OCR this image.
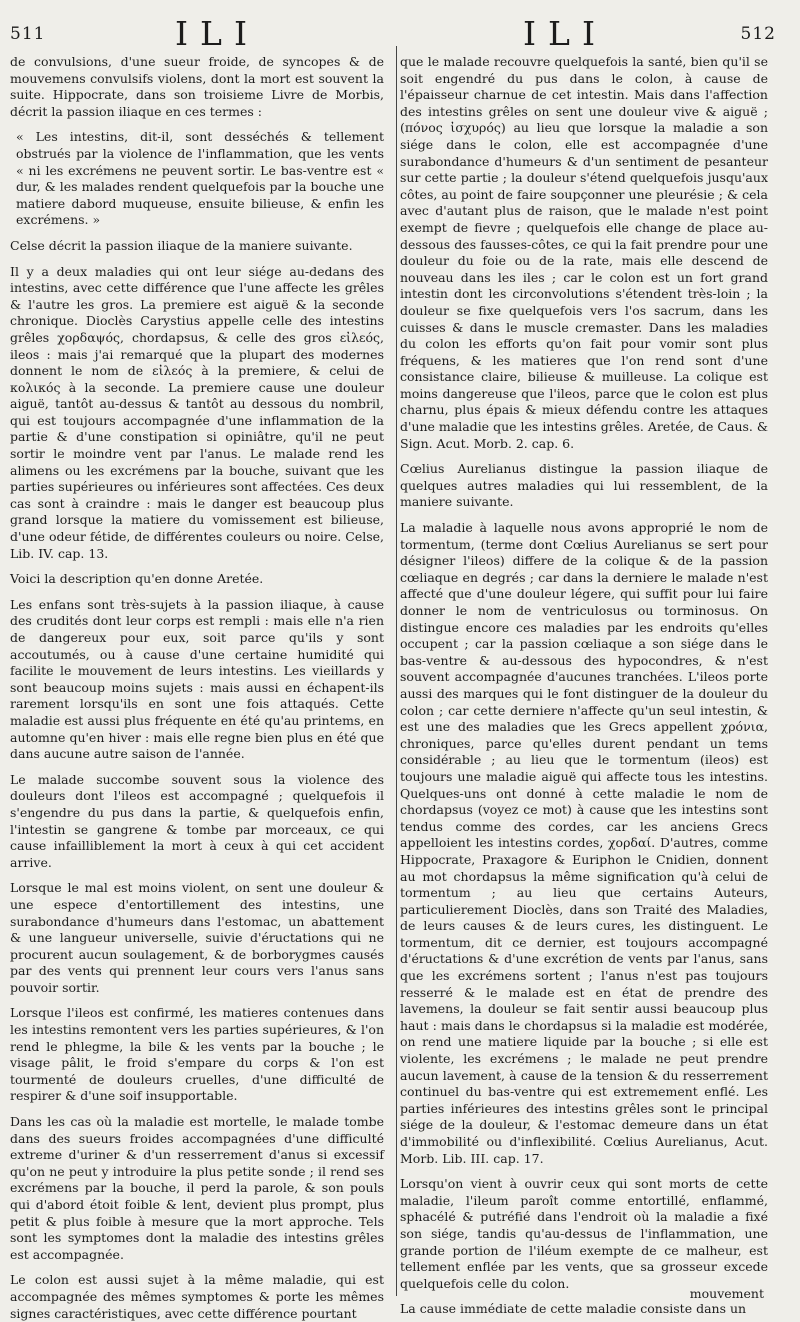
511	ILI	ILI	512

de convulsions, d'une sueur froide, de syncopes & de mouvemens convulsifs violens, dont la mort est souvent la suite. Hippocrate, dans son troisieme Livre de Morbis, décrit la passion iliaque en ces termes :

« Les intestins, dit-il, sont desséchés & tellement obstrués par la violence de l'inflammation, que les vents « ni les excrémens ne peuvent sortir. Le bas-ventre est « dur, & les malades rendent quelquefois par la bouche une matiere dabord muqueuse, ensuite bilieuse, & enfin les excrémens. »

Celse décrit la passion iliaque de la maniere suivante.

Il y a deux maladies qui ont leur siége au-dedans des intestins, avec cette différence que l'une affecte les grêles & l'autre les gros. La premiere est aiguë & la seconde chronique. Dioclès Carystius appelle celle des intestins grêles χορδαψός, chordapsus, & celle des gros εἰλεός, ileos : mais j'ai remarqué que la plupart des modernes donnent le nom de εἰλεός à la premiere, & celui de κολικός à la seconde. La premiere cause une douleur aiguë, tantôt au-dessus & tantôt au dessous du nombril, qui est toujours accompagnée d'une inflammation de la partie & d'une constipation si opiniâtre, qu'il ne peut sortir le moindre vent par l'anus. Le malade rend les alimens ou les excrémens par la bouche, suivant que les parties supérieures ou inférieures sont affectées. Ces deux cas sont à craindre : mais le danger est beaucoup plus grand lorsque la matiere du vomissement est bilieuse, d'une odeur fétide, de différentes couleurs ou noire. Celse, Lib. IV. cap. 13.

Voici la description qu'en donne Aretée.

Les enfans sont très-sujets à la passion iliaque, à cause des crudités dont leur corps est rempli : mais elle n'a rien de dangereux pour eux, soit parce qu'ils y sont accoutumés, ou à cause d'une certaine humidité qui facilite le mouvement de leurs intestins. Les vieillards y sont beaucoup moins sujets : mais aussi en échapent-ils rarement lorsqu'ils en sont une fois attaqués. Cette maladie est aussi plus fréquente en été qu'au printems, en automne qu'en hiver : mais elle regne bien plus en été que dans aucune autre saison de l'année.

Le malade succombe souvent sous la violence des douleurs dont l'ileos est accompagné ; quelquefois il s'engendre du pus dans la partie, & quelquefois enfin, l'intestin se gangrene & tombe par morceaux, ce qui cause infailliblement la mort à ceux à qui cet accident arrive.

Lorsque le mal est moins violent, on sent une douleur & une espece d'entortillement des intestins, une surabondance d'humeurs dans l'estomac, un abattement & une langueur universelle, suivie d'éructations qui ne procurent aucun soulagement, & de borborygmes causés par des vents qui prennent leur cours vers l'anus sans pouvoir sortir.

Lorsque l'ileos est confirmé, les matieres contenues dans les intestins remontent vers les parties supérieures, & l'on rend le phlegme, la bile & les vents par la bouche ; le visage pâlit, le froid s'empare du corps & l'on est tourmenté de douleurs cruelles, d'une difficulté de respirer & d'une soif insupportable.

Dans les cas où la maladie est mortelle, le malade tombe dans des sueurs froides accompagnées d'une difficulté extreme d'uriner & d'un resserrement d'anus si excessif qu'on ne peut y introduire la plus petite sonde ; il rend ses excrémens par la bouche, il perd la parole, & son pouls qui d'abord étoit foible & lent, devient plus prompt, plus petit & plus foible à mesure que la mort approche. Tels sont les symptomes dont la maladie des intestins grêles est accompagnée.

Le colon est aussi sujet à la même maladie, qui est accompagnée des mêmes symptomes & porte les mêmes signes caractéristiques, avec cette différence pourtant

que le malade recouvre quelquefois la santé, bien qu'il se soit engendré du pus dans le colon, à cause de l'épaisseur charnue de cet intestin. Mais dans l'affection des intestins grêles on sent une douleur vive & aiguë ; (πόνος ἰσχυρός) au lieu que lorsque la maladie a son siége dans le colon, elle est accompagnée d'une surabondance d'humeurs & d'un sentiment de pesanteur sur cette partie ; la douleur s'étend quelquefois jusqu'aux côtes, au point de faire soupçonner une pleurésie ; & cela avec d'autant plus de raison, que le malade n'est point exempt de fievre ; quelquefois elle change de place au-dessous des fausses-côtes, ce qui la fait prendre pour une douleur du foie ou de la rate, mais elle descend de nouveau dans les iles ; car le colon est un fort grand intestin dont les circonvolutions s'étendent très-loin ; la douleur se fixe quelquefois vers l'os sacrum, dans les cuisses & dans le muscle cremaster. Dans les maladies du colon les efforts qu'on fait pour vomir sont plus fréquens, & les matieres que l'on rend sont d'une consistance claire, bilieuse & muilleuse. La colique est moins dangereuse que l'ileos, parce que le colon est plus charnu, plus épais & mieux défendu contre les attaques d'une maladie que les intestins grêles. Aretée, de Caus. & Sign. Acut. Morb. 2. cap. 6.

Cœlius Aurelianus distingue la passion iliaque de quelques autres maladies qui lui ressemblent, de la maniere suivante.

La maladie à laquelle nous avons approprié le nom de tormentum, (terme dont Cœlius Aurelianus se sert pour désigner l'ileos) differe de la colique & de la passion cœliaque en degrés ; car dans la derniere le malade n'est affecté que d'une douleur légere, qui suffit pour lui faire donner le nom de ventriculosus ou torminosus. On distingue encore ces maladies par les endroits qu'elles occupent ; car la passion cœliaque a son siége dans le bas-ventre & au-dessous des hypocondres, & n'est souvent accompagnée d'aucunes tranchées. L'ileos porte aussi des marques qui le font distinguer de la douleur du colon ; car cette derniere n'affecte qu'un seul intestin, & est une des maladies que les Grecs appellent χρόνια, chroniques, parce qu'elles durent pendant un tems considérable ; au lieu que le tormentum (ileos) est toujours une maladie aiguë qui affecte tous les intestins. Quelques-uns ont donné à cette maladie le nom de chordapsus (voyez ce mot) à cause que les intestins sont tendus comme des cordes, car les anciens Grecs appelloient les intestins cordes, χορδαί. D'autres, comme Hippocrate, Praxagore & Euriphon le Cnidien, donnent au mot chordapsus la même signification qu'à celui de tormentum ; au lieu que certains Auteurs, particulierement Dioclès, dans son Traité des Maladies, de leurs causes & de leurs cures, les distinguent. Le tormentum, dit ce dernier, est toujours accompagné d'éructations & d'une excrétion de vents par l'anus, sans que les excrémens sortent ; l'anus n'est pas toujours resserré & le malade est en état de prendre des lavemens, la douleur se fait sentir aussi beaucoup plus haut : mais dans le chordapsus si la maladie est modérée, on rend une matiere liquide par la bouche ; si elle est violente, les excrémens ; le malade ne peut prendre aucun lavement, à cause de la tension & du resserrement continuel du bas-ventre qui est extremement enflé. Les parties inférieures des intestins grêles sont le principal siége de la douleur, & l'estomac demeure dans un état d'immobilité ou d'inflexibilité. Cœlius Aurelianus, Acut. Morb. Lib. III. cap. 17.

Lorsqu'on vient à ouvrir ceux qui sont morts de cette maladie, l'ileum paroît comme entortillé, enflammé, sphacélé & putréfié dans l'endroit où la maladie a fixé son siége, tandis qu'au-dessus de l'inflammation, une grande portion de l'iléum exempte de ce malheur, est tellement enflée par les vents, que sa grosseur excede quelquefois celle du colon.

La cause immédiate de cette maladie consiste dans un

mouvement
